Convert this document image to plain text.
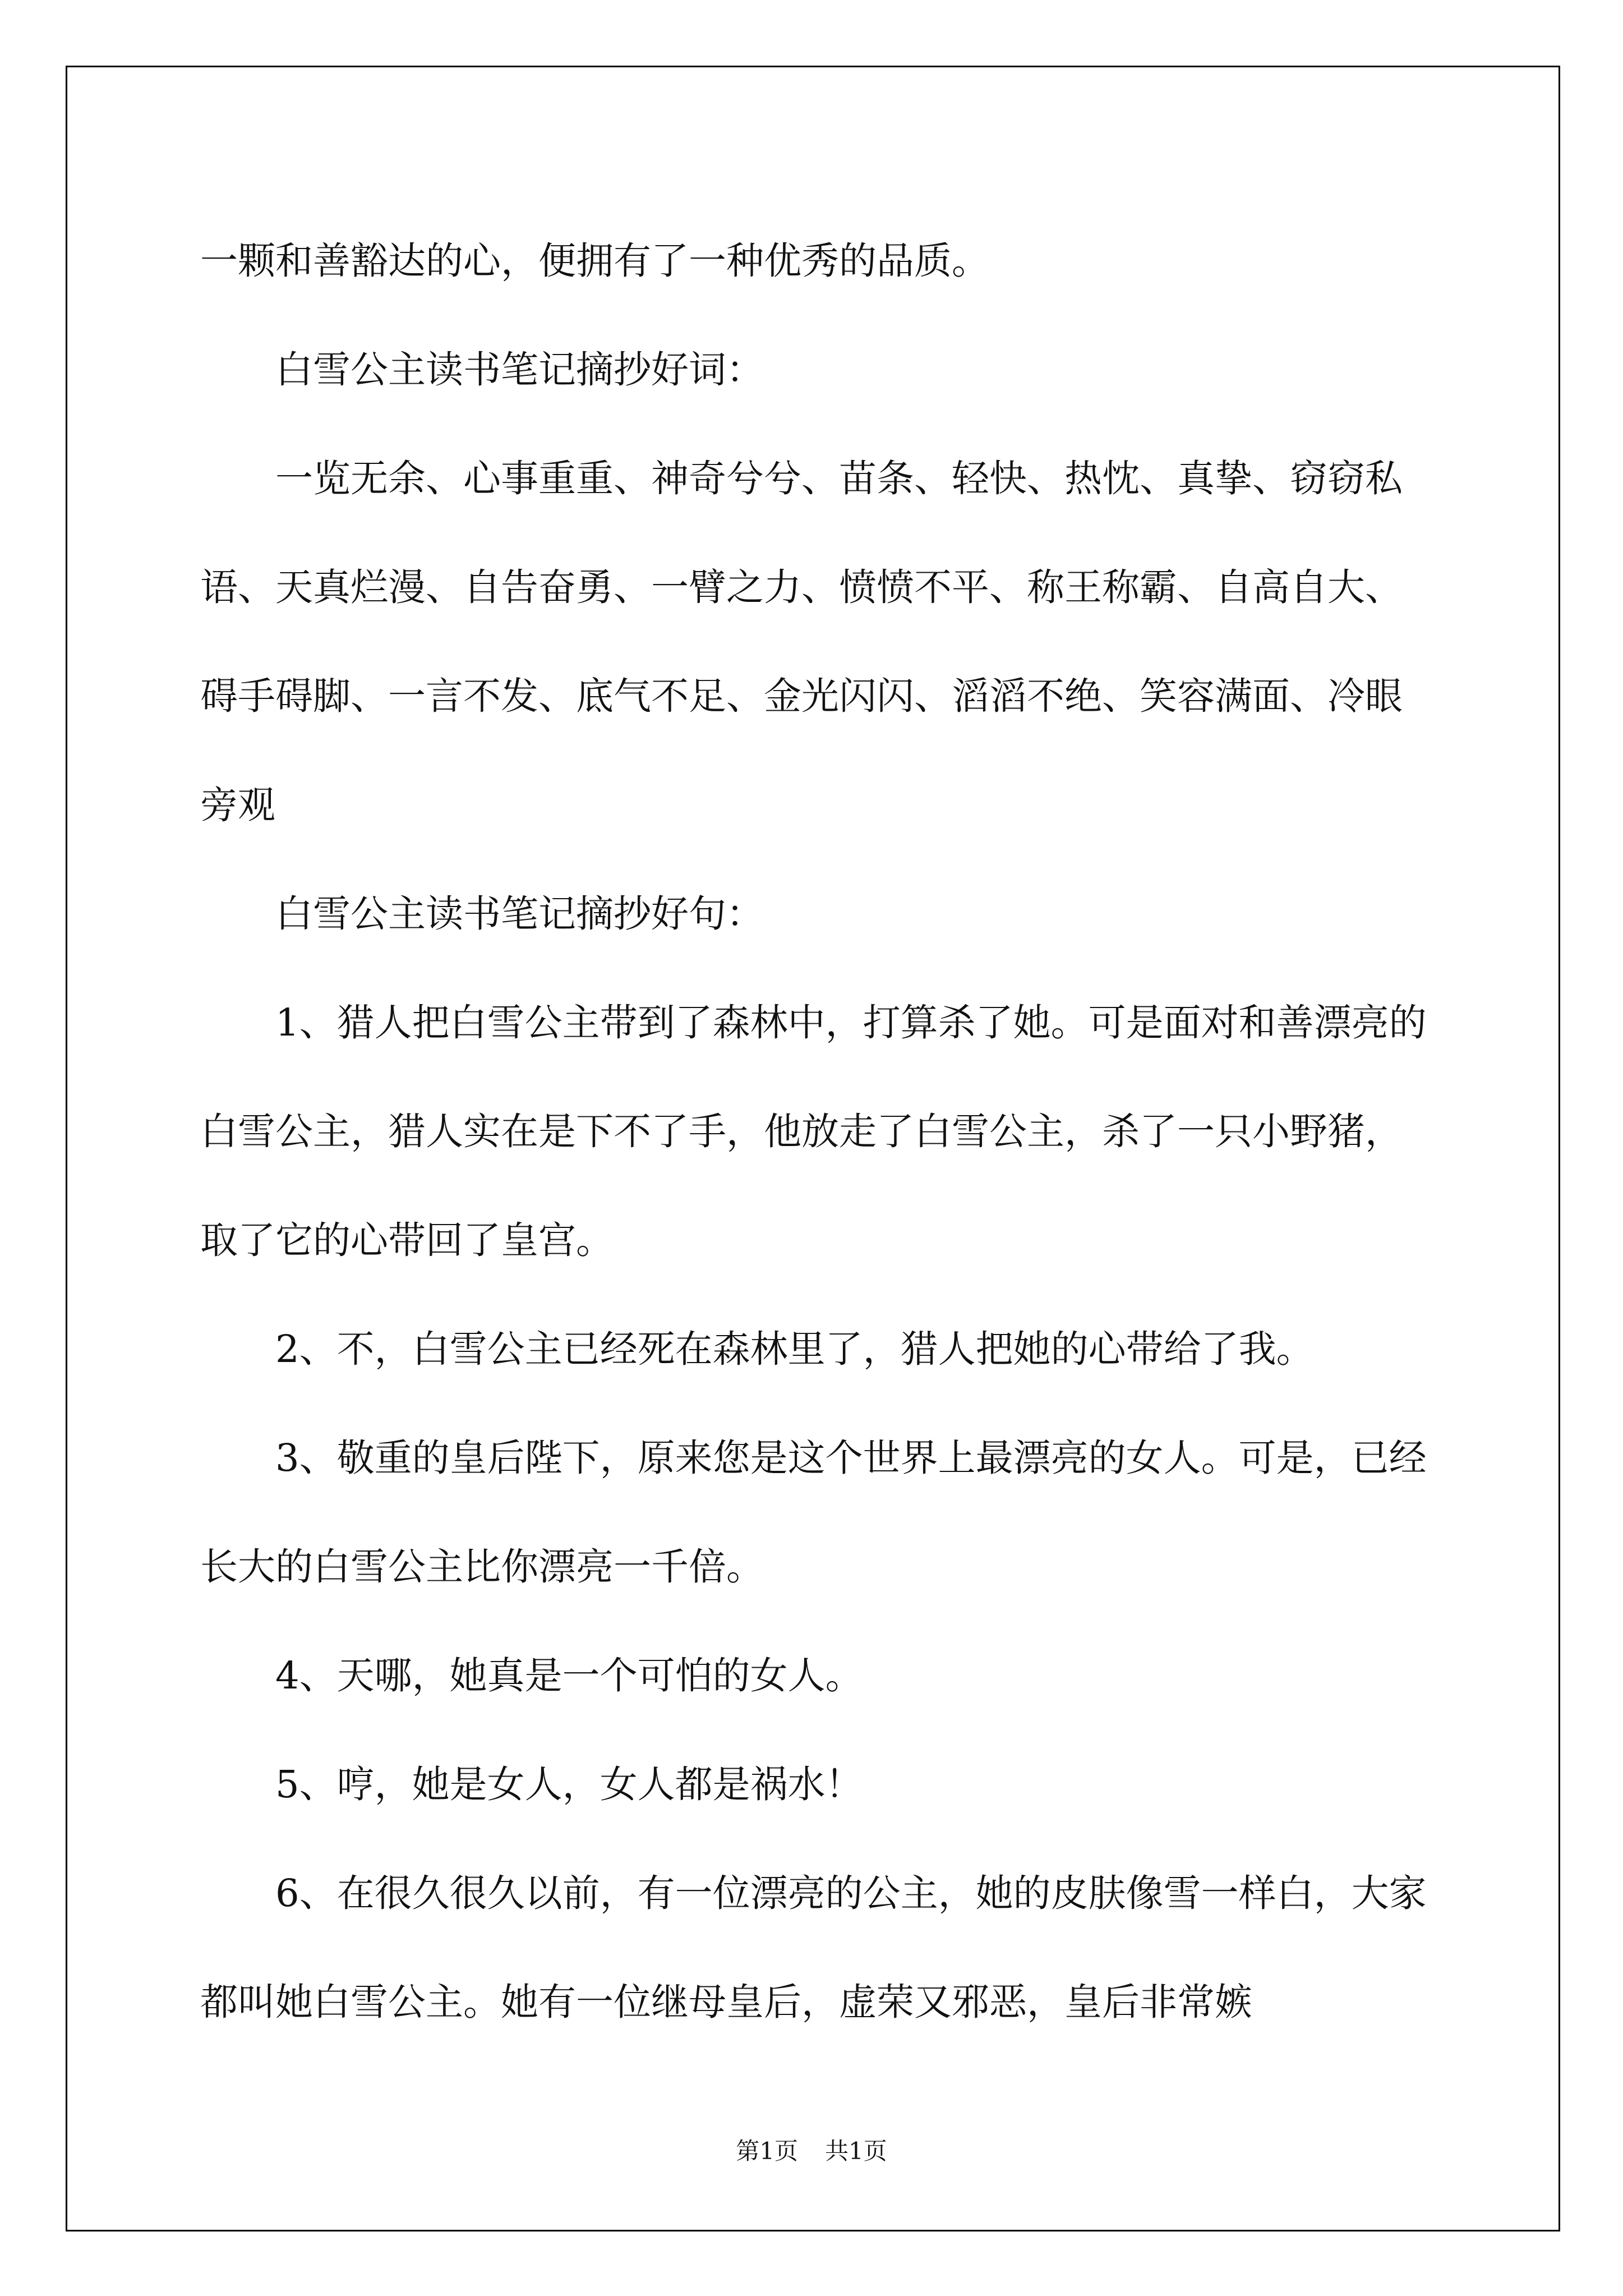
一颗和善豁达的心，便拥有了一种优秀的品质。

白雪公主读书笔记摘抄好词：

一览无余、心事重重、神奇兮兮、苗条、轻快、热忱、真挚、窃窃私语、天真烂漫、自告奋勇、一臂之力、愤愤不平、称王称霸、自高自大、碍手碍脚、一言不发、底气不足、金光闪闪、滔滔不绝、笑容满面、冷眼旁观

白雪公主读书笔记摘抄好句：

1、猎人把白雪公主带到了森林中，打算杀了她。可是面对和善漂亮的白雪公主，猎人实在是下不了手，他放走了白雪公主，杀了一只小野猪，取了它的心带回了皇宫。

2、不，白雪公主已经死在森林里了，猎人把她的心带给了我。

3、敬重的皇后陛下，原来您是这个世界上最漂亮的女人。可是，已经长大的白雪公主比你漂亮一千倍。

4、天哪，她真是一个可怕的女人。

5、哼，她是女人，女人都是祸水！

6、在很久很久以前，有一位漂亮的公主，她的皮肤像雪一样白，大家都叫她白雪公主。她有一位继母皇后，虚荣又邪恶，皇后非常嫉

第1页 共1页
